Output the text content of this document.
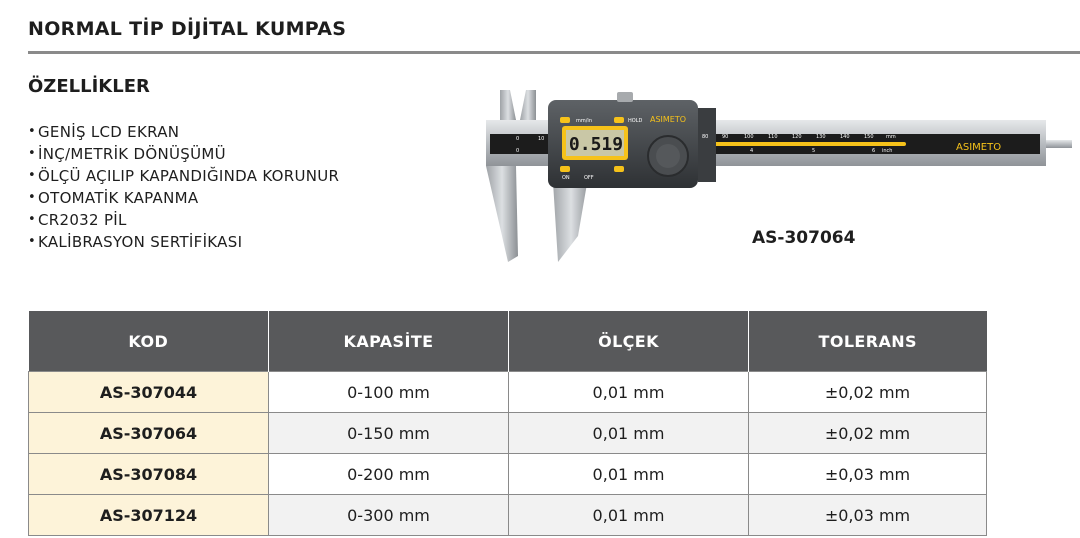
NORMAL TİP DİJİTAL KUMPAS
ÖZELLİKLER
• GENİŞ LCD EKRAN
• İNÇ/METRİK DÖNÜŞÜMÜ
• ÖLÇÜ AÇILIP KAPANDIĞINDA KORUNUR
• OTOMATİK KAPANMA
• CR2032 PİL
• KALİBRASYON SERTİFİKASI
0.519
mm/in	HOLD
ON	OFF
ASIMETO
ASIMETO
0	10	80	90	100	110	120	130	140	150 mm
0	4	5	6 inch
AS-307064
KOD	KAPASİTE	ÖLÇEK	TOLERANS
AS-307044	0-100 mm	0,01 mm	±0,02 mm
AS-307064	0-150 mm	0,01 mm	±0,02 mm
AS-307084	0-200 mm	0,01 mm	±0,03 mm
AS-307124	0-300 mm	0,01 mm	±0,03 mm
